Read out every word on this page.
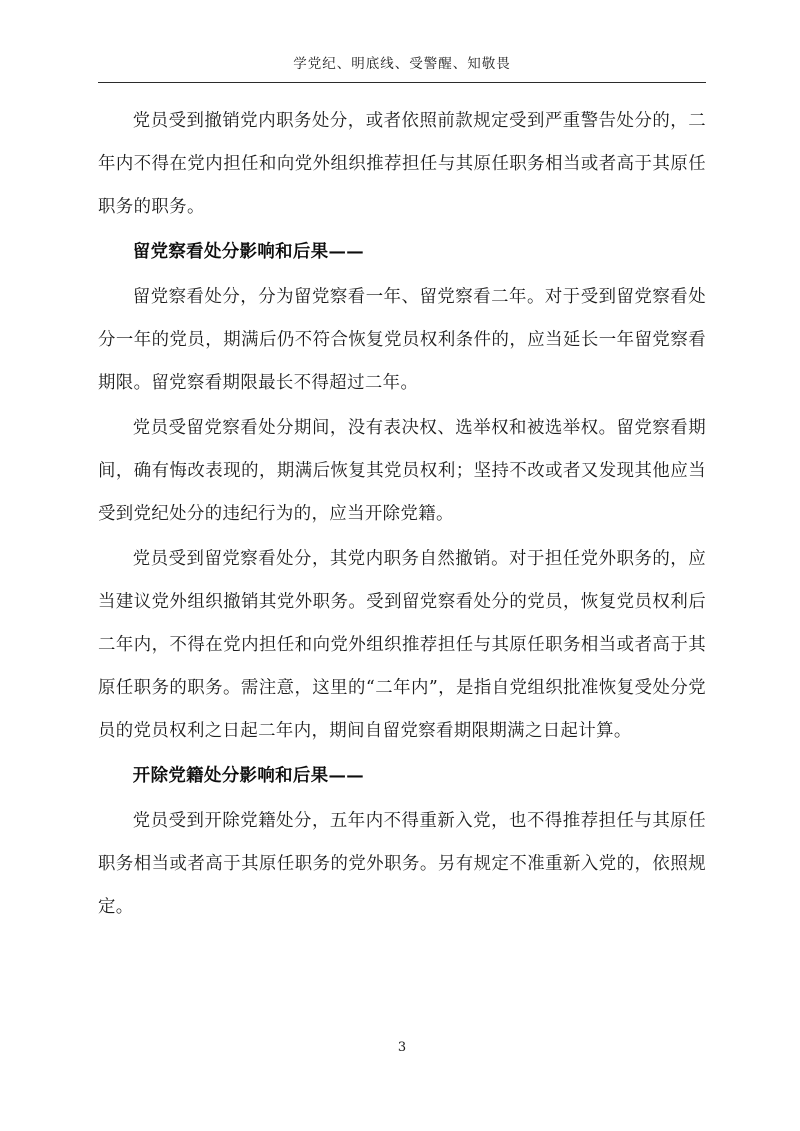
学党纪、明底线、受警醒、知敬畏

党员受到撤销党内职务处分，或者依照前款规定受到严重警告处分的，二年内不得在党内担任和向党外组织推荐担任与其原任职务相当或者高于其原任职务的职务。

留党察看处分影响和后果——

留党察看处分，分为留党察看一年、留党察看二年。对于受到留党察看处分一年的党员，期满后仍不符合恢复党员权利条件的，应当延长一年留党察看期限。留党察看期限最长不得超过二年。

党员受留党察看处分期间，没有表决权、选举权和被选举权。留党察看期间，确有悔改表现的，期满后恢复其党员权利；坚持不改或者又发现其他应当受到党纪处分的违纪行为的，应当开除党籍。

党员受到留党察看处分，其党内职务自然撤销。对于担任党外职务的，应当建议党外组织撤销其党外职务。受到留党察看处分的党员，恢复党员权利后二年内，不得在党内担任和向党外组织推荐担任与其原任职务相当或者高于其原任职务的职务。需注意，这里的“二年内”，是指自党组织批准恢复受处分党员的党员权利之日起二年内，期间自留党察看期限期满之日起计算。

开除党籍处分影响和后果——

党员受到开除党籍处分，五年内不得重新入党，也不得推荐担任与其原任职务相当或者高于其原任职务的党外职务。另有规定不准重新入党的，依照规定。

3
